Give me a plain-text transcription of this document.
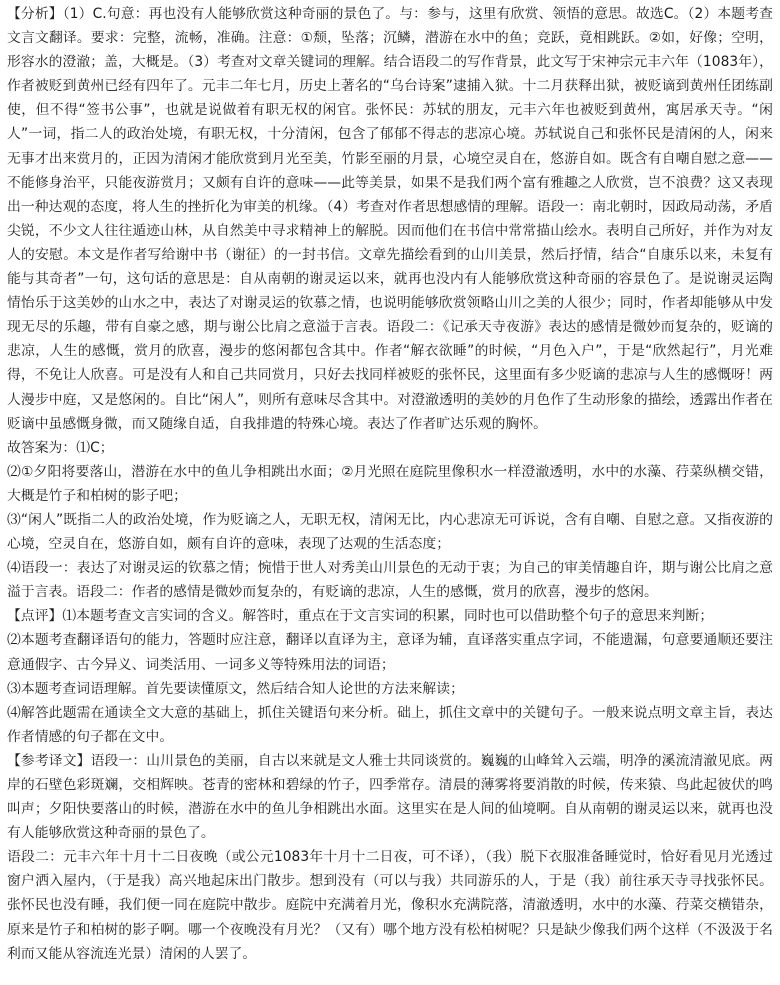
【分析】（1）C.句意：再也没有人能够欣赏这种奇丽的景色了。与：参与，这里有欣赏、领悟的意思。故选C。（2）本题考查文言文翻译。要求：完整，流畅，准确。注意：①颓，坠落；沉鳞，潜游在水中的鱼；竞跃，竟相跳跃。②如，好像；空明，形容水的澄澈；盖，大概是。（3）考查对文章关键词的理解。结合语段二的写作背景，此文写于宋神宗元丰六年（1083年），作者被贬到黄州已经有四年了。元丰二年七月，历史上著名的“乌台诗案”逮捕入狱。十二月获释出狱，被贬谪到黄州任团练副使，但不得“签书公事”，也就是说做着有职无权的闲官。张怀民：苏轼的朋友，元丰六年也被贬到黄州，寓居承天寺。“闲人”一词，指二人的政治处境，有职无权，十分清闲，包含了郁郁不得志的悲凉心境。苏轼说自己和张怀民是清闲的人，闲来无事才出来赏月的，正因为清闲才能欣赏到月光至美，竹影至丽的月景，心境空灵自在，悠游自如。既含有自嘲自慰之意——不能修身治平，只能夜游赏月；又颇有自许的意味——此等美景，如果不是我们两个富有雅趣之人欣赏，岂不浪费？这又表现出一种达观的态度，将人生的挫折化为审美的机缘。（4）考查对作者思想感情的理解。语段一：南北朝时，因政局动荡，矛盾尖锐，不少文人往往遁迹山林，从自然美中寻求精神上的解脱。因而他们在书信中常常描山绘水。表明自己所好，并作为对友人的安慰。本文是作者写给谢中书（谢征）的一封书信。文章先描绘看到的山川美景，然后抒情，结合“自康乐以来，未复有能与其奇者”一句，这句话的意思是：自从南朝的谢灵运以来，就再也没内有人能够欣赏这种奇丽的容景色了。是说谢灵运陶情怡乐于这美妙的山水之中，表达了对谢灵运的钦慕之情，也说明能够欣赏领略山川之美的人很少；同时，作者却能够从中发现无尽的乐趣，带有自豪之感，期与谢公比肩之意溢于言表。语段二：《记承天寺夜游》表达的感情是微妙而复杂的，贬谪的悲凉，人生的感慨，赏月的欣喜，漫步的悠闲都包含其中。作者“解衣欲睡”的时候，“月色入户”，于是“欣然起行”，月光难得，不免让人欣喜。可是没有人和自己共同赏月，只好去找同样被贬的张怀民，这里面有多少贬谪的悲凉与人生的感慨呀！两人漫步中庭，又是悠闲的。自比“闲人”，则所有意味尽含其中。对澄澈透明的美妙的月色作了生动形象的描绘，透露出作者在贬谪中虽感慨身微，而又随缘自适，自我排遣的特殊心境。表达了作者旷达乐观的胸怀。

故答案为：⑴C；

⑵①夕阳将要落山，潜游在水中的鱼儿争相跳出水面；②月光照在庭院里像积水一样澄澈透明，水中的水藻、荇菜纵横交错，大概是竹子和柏树的影子吧；

⑶“闲人”既指二人的政治处境，作为贬谪之人，无职无权，清闲无比，内心悲凉无可诉说，含有自嘲、自慰之意。又指夜游的心境，空灵自在，悠游自如，颇有自许的意味，表现了达观的生活态度；

⑷语段一：表达了对谢灵运的钦慕之情；惋惜于世人对秀美山川景色的无动于衷；为自己的审美情趣自许，期与谢公比肩之意溢于言表。语段二：作者的感情是微妙而复杂的，有贬谪的悲凉，人生的感慨，赏月的欣喜，漫步的悠闲。

【点评】⑴本题考查文言实词的含义。解答时，重点在于文言实词的积累，同时也可以借助整个句子的意思来判断；

⑵本题考查翻译语句的能力，答题时应注意，翻译以直译为主，意译为辅，直译落实重点字词，不能遗漏，句意要通顺还要注意通假字、古今异义、词类活用、一词多义等特殊用法的词语；

⑶本题考查词语理解。首先要读懂原文，然后结合知人论世的方法来解读；

⑷解答此题需在通读全文大意的基础上，抓住关键语句来分析。础上，抓住文章中的关键句子。一般来说点明文章主旨，表达作者情感的句子都在文中。

【参考译文】语段一：山川景色的美丽，自古以来就是文人雅士共同谈赏的。巍巍的山峰耸入云端，明净的溪流清澈见底。两岸的石壁色彩斑斓，交相辉映。苍青的密林和碧绿的竹子，四季常存。清晨的薄雾将要消散的时候，传来猿、鸟此起彼伏的鸣叫声；夕阳快要落山的时候，潜游在水中的鱼儿争相跳出水面。这里实在是人间的仙境啊。自从南朝的谢灵运以来，就再也没有人能够欣赏这种奇丽的景色了。

语段二：元丰六年十月十二日夜晚（或公元1083年十月十二日夜，可不译），（我）脱下衣服准备睡觉时，恰好看见月光透过窗户洒入屋内，（于是我）高兴地起床出门散步。想到没有（可以与我）共同游乐的人，于是（我）前往承天寺寻找张怀民。张怀民也没有睡，我们便一同在庭院中散步。庭院中充满着月光，像积水充满院落，清澈透明，水中的水藻、荇菜交横错杂，原来是竹子和柏树的影子啊。哪一个夜晚没有月光？（又有）哪个地方没有松柏树呢？只是缺少像我们两个这样（不汲汲于名利而又能从容流连光景）清闲的人罢了。
